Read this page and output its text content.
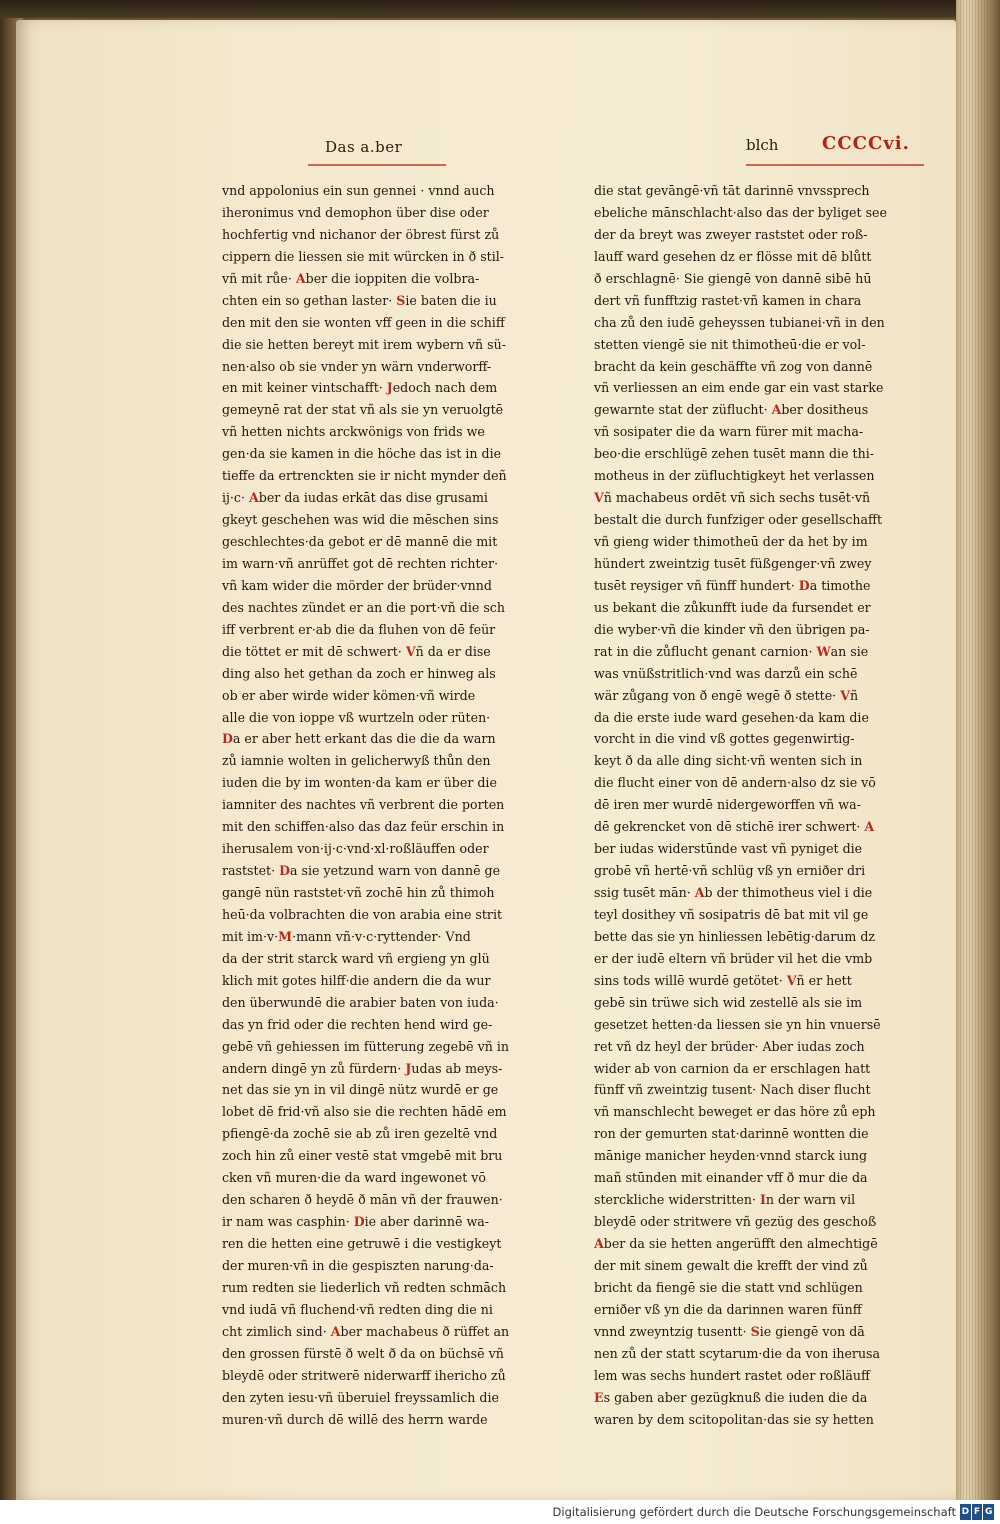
Das a.ber	blch CCCCvi.
vnd appolonius ein sun gennei · vnnd auch
iheronimus vnd demophon über dise oder
hochfertig vnd nichanor der öbrest fürst zů
cippern die liessen sie mit würcken in ð stil-
vñ mit růe· Aber die ioppiten die volbra-
chten ein so gethan laster· Sie baten die iu
den mit den sie wonten vff geen in die schiff
die sie hetten bereyt mit irem wybern vñ sü-
nen·also ob sie vnder yn wärn vnderworff-
en mit keiner vintschafft· Jedoch nach dem
gemeynē rat der stat vñ als sie yn veruolgtē
vñ hetten nichts arckwönigs von frids we
gen·da sie kamen in die höche das ist in die
tieffe da ertrenckten sie ir nicht mynder deñ
ij·c· Aber da iudas erkāt das dise grusami
gkeyt geschehen was wid die mēschen sins
geschlechtes·da gebot er dē mannē die mit
im warn·vñ anrüffet got dē rechten richter·
vñ kam wider die mörder der brüder·vnnd
des nachtes zündet er an die port·vñ die sch
iff verbrent er·ab die da fluhen von dē feür
die töttet er mit dē schwert· Vñ da er dise
ding also het gethan da zoch er hinweg als
ob er aber wirde wider kömen·vñ wirde
alle die von ioppe vß wurtzeln oder rüten·
Da er aber hett erkant das die die da warn
zů iamnie wolten in gelicherwyß thůn den
iuden die by im wonten·da kam er über die
iamniter des nachtes vñ verbrent die porten
mit den schiffen·also das daz feür erschin in
iherusalem von·ij·c·vnd·xl·roßläuffen oder
raststet· Da sie yetzund warn von dannē ge
gangē nün raststet·vñ zochē hin zů thimoh
heū·da volbrachten die von arabia eine strit
mit im·v·M·mann vñ·v·c·ryttender· Vnd
da der strit starck ward vñ ergieng yn glü
klich mit gotes hilff·die andern die da wur
den überwundē die arabier baten von iuda·
das yn frid oder die rechten hend wird ge-
gebē vñ gehiessen im fütterung zegebē vñ in
andern dingē yn zů fürdern· Judas ab meys-
net das sie yn in vil dingē nütz wurdē er ge
lobet dē frid·vñ also sie die rechten hādē em
pfiengē·da zochē sie ab zů iren gezeltē vnd
zoch hin zů einer vestē stat vmgebē mit bru
cken vñ muren·die da ward ingewonet vō
den scharen ð heydē ð mān vñ der frauwen·
ir nam was casphin· Die aber darinnē wa-
ren die hetten eine getruwē i die vestigkeyt
der muren·vñ in die gespiszten narung·da-
rum redten sie liederlich vñ redten schmāch
vnd iudā vñ fluchend·vñ redten ding die ni
cht zimlich sind· Aber machabeus ð rüffet an
den grossen fürstē ð welt ð da on büchsē vñ
bleydē oder stritwerē niderwarff ihericho zů
den zyten iesu·vñ überuiel freyssamlich die
muren·vñ durch dē willē des herrn warde
die stat gevāngē·vñ tāt darinnē vnvssprech
ebeliche mānschlacht·also das der byliget see
der da breyt was zweyer raststet oder roß-
lauff ward gesehen dz er flösse mit dē blůtt
ð erschlagnē· Sie giengē von dannē sibē hū
dert vñ funfftzig rastet·vñ kamen in chara
cha zů den iudē geheyssen tubianei·vñ in den
stetten viengē sie nit thimotheū·die er vol-
bracht da kein geschäffte vñ zog von dannē
vñ verliessen an eim ende gar ein vast starke
gewarnte stat der züflucht· Aber dositheus
vñ sosipater die da warn fürer mit macha-
beo·die erschlügē zehen tusēt mann die thi-
motheus in der züfluchtigkeyt het verlassen
Vñ machabeus ordēt vñ sich sechs tusēt·vñ
bestalt die durch funfziger oder gesellschafft
vñ gieng wider thimotheū der da het by im
hündert zweintzig tusēt füßgenger·vñ zwey
tusēt reysiger vñ fünff hundert· Da timothe
us bekant die zůkunfft iude da fursendet er
die wyber·vñ die kinder vñ den übrigen pa-
rat in die zůflucht genant carnion· Wan sie
was vnüßstritlich·vnd was darzů ein schē
wär zůgang von ð engē wegē ð stette· Vñ
da die erste iude ward gesehen·da kam die
vorcht in die vind vß gottes gegenwirtig-
keyt ð da alle ding sicht·vñ wenten sich in
die flucht einer von dē andern·also dz sie vō
dē iren mer wurdē nidergeworffen vñ wa-
dē gekrencket von dē stichē irer schwert· A
ber iudas widerstūnde vast vñ pyniget die
grobē vñ hertē·vñ schlüg vß yn erniðer dri
ssig tusēt mān· Ab der thimotheus viel i die
teyl dosithey vñ sosipatris dē bat mit vil ge
bette das sie yn hinliessen lebētig·darum dz
er der iudē eltern vñ brüder vil het die vmb
sins tods willē wurdē getötet· Vñ er hett
gebē sin trüwe sich wid zestellē als sie im
gesetzet hetten·da liessen sie yn hin vnuersē
ret vñ dz heyl der brüder· Aber iudas zoch
wider ab von carnion da er erschlagen hatt
fünff vñ zweintzig tusent· Nach diser flucht
vñ manschlecht beweget er das höre zů eph
ron der gemurten stat·darinnē wontten die
mānige manicher heyden·vnnd starck iung
mañ stūnden mit einander vff ð mur die da
sterckliche widerstritten· In der warn vil
bleydē oder stritwere vñ gezüg des geschoß
Aber da sie hetten angerüfft den almechtigē
der mit sinem gewalt die krefft der vind zů
bricht da fiengē sie die statt vnd schlügen
erniðer vß yn die da darinnen waren fünff
vnnd zweyntzig tusentt· Sie giengē von dā
nen zů der statt scytarum·die da von iherusa
lem was sechs hundert rastet oder roßläuff
Es gaben aber gezügknuß die iuden die da
waren by dem scitopolitan·das sie sy hetten
Digitalisierung gefördert durch die Deutsche Forschungsgemeinschaft D F G
